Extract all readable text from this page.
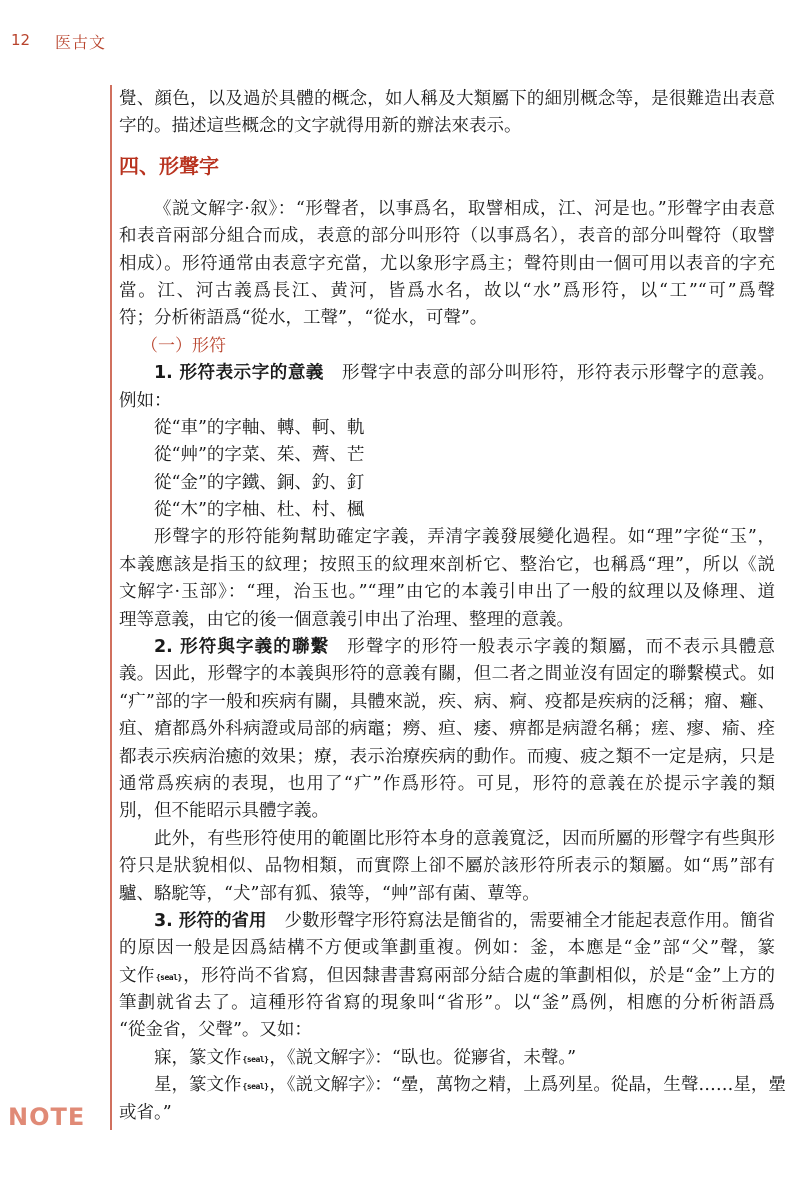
12 医古文
NOTE
覺、顔色，以及過於具體的概念，如人稱及大類屬下的細別概念等，是很難造出表意
字的。描述這些概念的文字就得用新的辦法來表示。
四、形聲字
《説文解字·叙》：“形聲者，以事爲名，取譬相成，江、河是也。”形聲字由表意
和表音兩部分組合而成，表意的部分叫形符（以事爲名），表音的部分叫聲符（取譬
相成）。形符通常由表意字充當，尤以象形字爲主；聲符則由一個可用以表音的字充
當。江、河古義爲長江、黄河，皆爲水名，故以“水”爲形符，以“工”“可”爲聲
符；分析術語爲“從水，工聲”，“從水，可聲”。
（一）形符
1. 形符表示字的意義 形聲字中表意的部分叫形符，形符表示形聲字的意義。
例如：
從“車”的字軸、轉、軻、軌
從“艸”的字菜、茱、薺、芒
從“金”的字鐵、銅、釣、釘
從“木”的字柚、杜、村、楓
形聲字的形符能夠幫助確定字義，弄清字義發展變化過程。如“理”字從“玉”，
本義應該是指玉的紋理；按照玉的紋理來剖析它、整治它，也稱爲“理”，所以《説
文解字·玉部》：“理，治玉也。”“理”由它的本義引申出了一般的紋理以及條理、道
理等意義，由它的後一個意義引申出了治理、整理的意義。
2. 形符與字義的聯繫 形聲字的形符一般表示字義的類屬，而不表示具體意
義。因此，形聲字的本義與形符的意義有關，但二者之間並沒有固定的聯繫模式。如
“疒”部的字一般和疾病有關，具體來説，疾、病、痾、疫都是疾病的泛稱；瘤、癰、
疽、瘡都爲外科病證或局部的病竈；癆、疸、痿、痹都是病證名稱；瘥、瘳、瘉、痊
都表示疾病治癒的效果；療，表示治療疾病的動作。而瘦、疲之類不一定是病，只是
通常爲疾病的表現，也用了“疒”作爲形符。可見，形符的意義在於提示字義的類
別，但不能昭示具體字義。
此外，有些形符使用的範圍比形符本身的意義寬泛，因而所屬的形聲字有些與形
符只是狀貌相似、品物相類，而實際上卻不屬於該形符所表示的類屬。如“馬”部有
驢、駱駝等，“犬”部有狐、猿等，“艸”部有菌、蕈等。
3. 形符的省用 少數形聲字形符寫法是簡省的，需要補全才能起表意作用。簡省
的原因一般是因爲結構不方便或筆劃重複。例如：釜，本應是“金”部“父”聲，篆
文作{seal}，形符尚不省寫，但因隸書書寫兩部分結合處的筆劃相似，於是“金”上方的
筆劃就省去了。這種形符省寫的現象叫“省形”。以“釜”爲例，相應的分析術語爲
“從金省，父聲”。又如：
寐，篆文作{seal}，《説文解字》：“臥也。從㝱省，未聲。”
星，篆文作{seal}，《説文解字》：“曐，萬物之精，上爲列星。從晶，生聲……星，曐
或省。”
